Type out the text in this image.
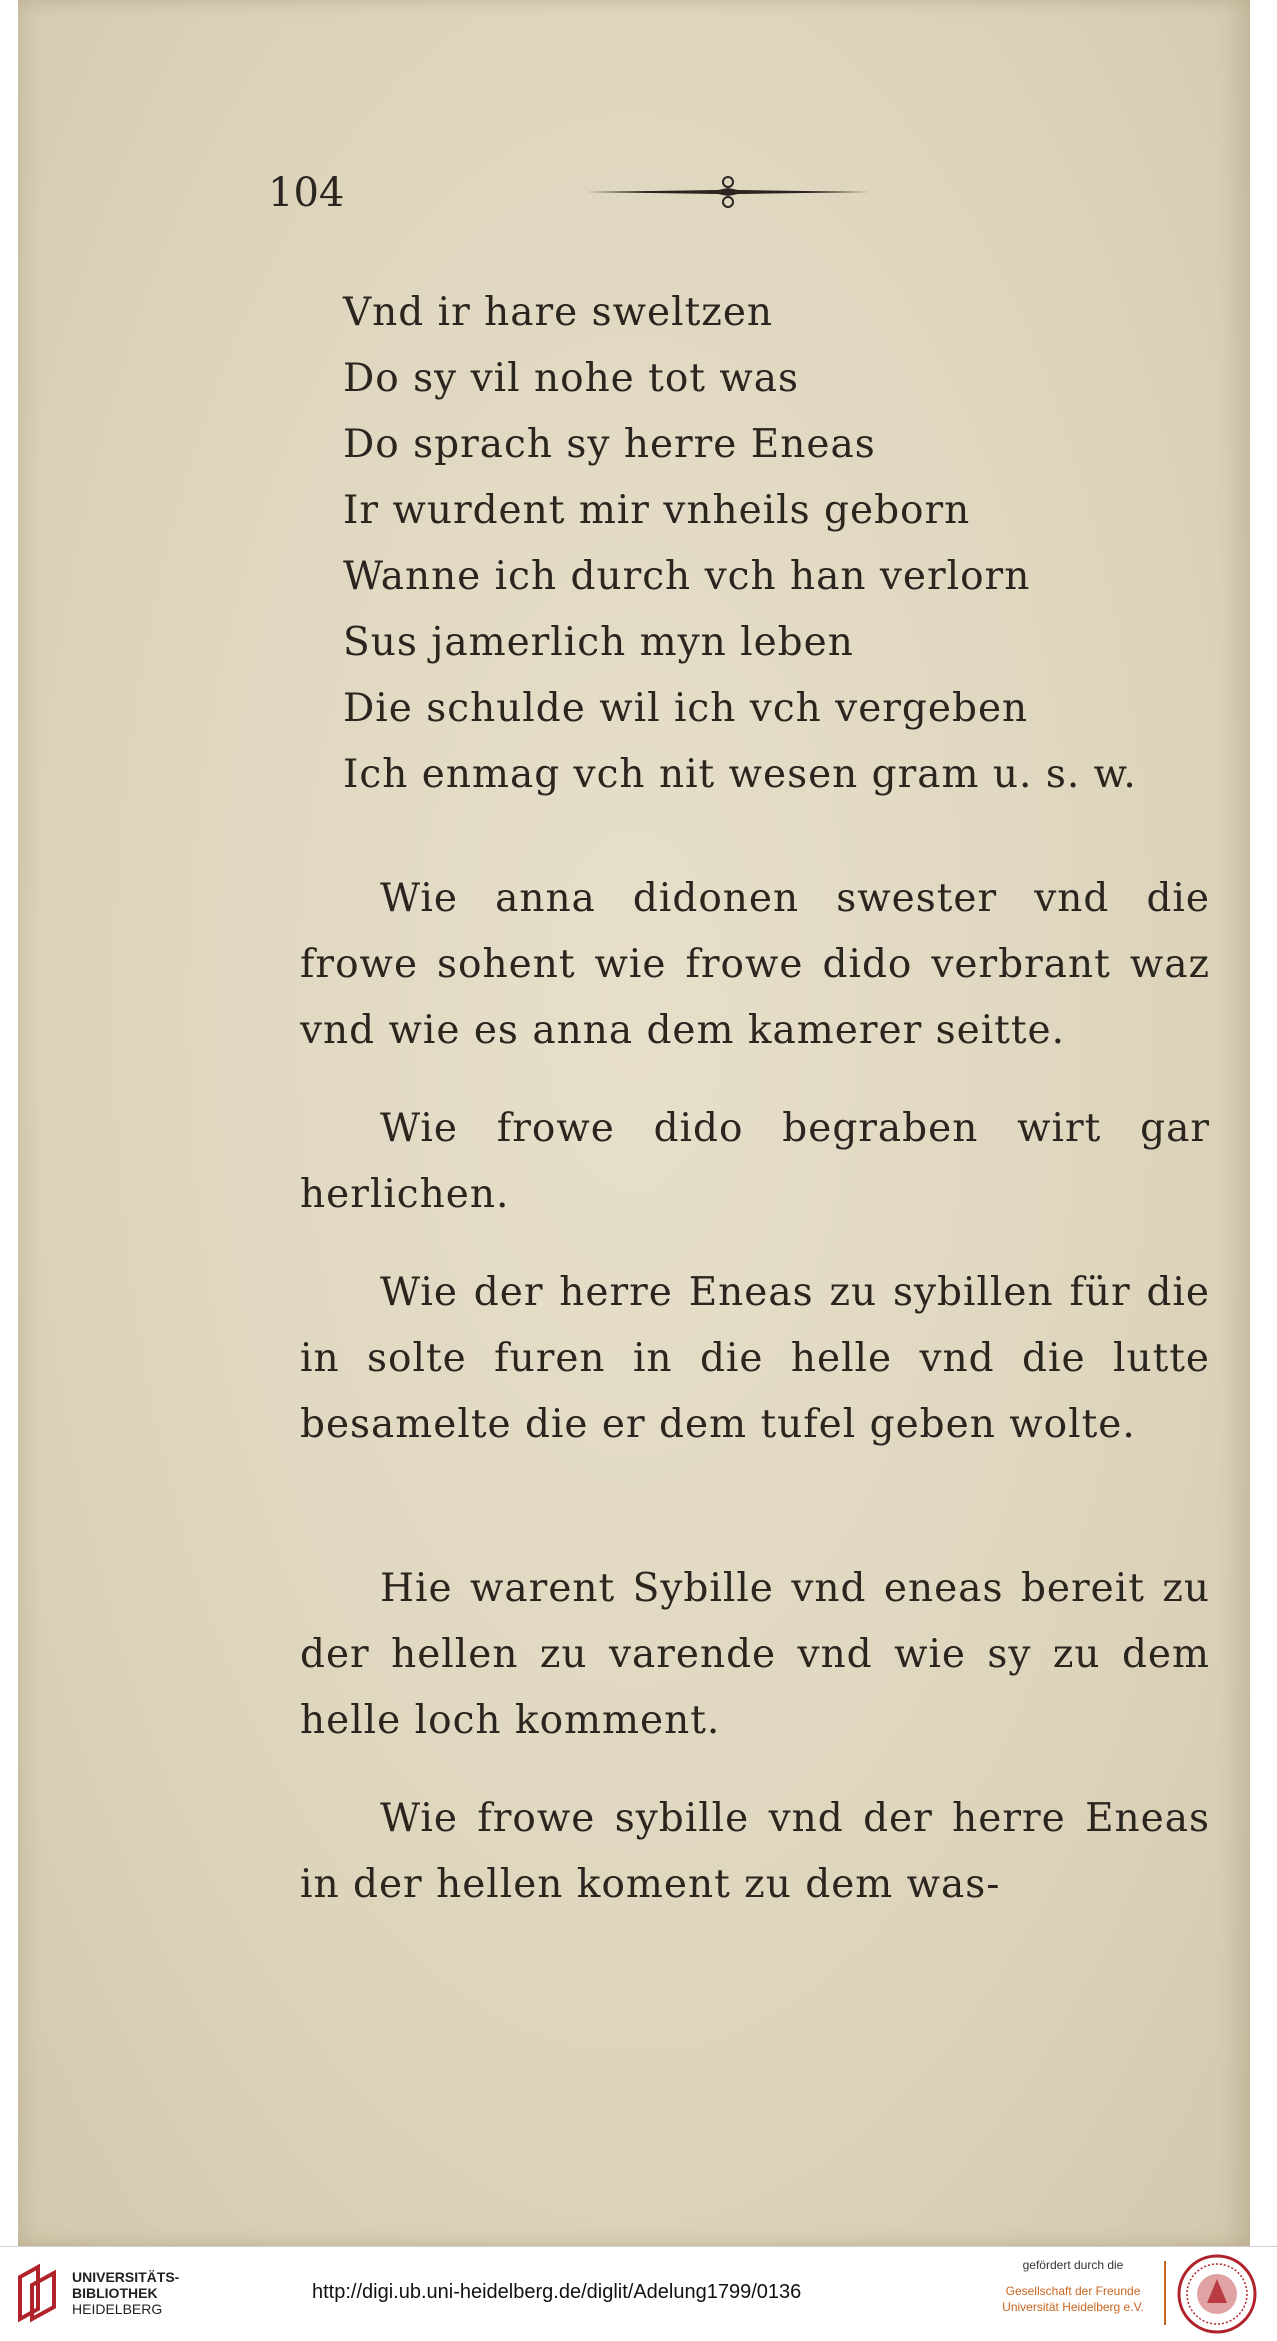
104
Vnd ir hare sweltzen
Do sy vil nohe tot was
Do sprach sy herre Eneas
Ir wurdent mir vnheils geborn
Wanne ich durch vch han verlorn
Sus jamerlich myn leben
Die schulde wil ich vch vergeben
Ich enmag vch nit wesen gram u. s. w.

Wie anna didonen swester vnd die frowe sohent wie frowe dido verbrant waz vnd wie es anna dem kamerer seitte.

Wie frowe dido begraben wirt gar herlichen.

Wie der herre Eneas zu sybillen für die in solte furen in die helle vnd die lutte besamelte die er dem tufel geben wolte.

Hie warent Sybille vnd eneas bereit zu der hellen zu varende vnd wie sy zu dem helle loch komment.

Wie frowe sybille vnd der herre Eneas in der hellen koment zu dem was-

UNIVERSITÄTS-
BIBLIOTHEK
HEIDELBERG
http://digi.ub.uni-heidelberg.de/diglit/Adelung1799/0136
gefördert durch die
Gesellschaft der Freunde
Universität Heidelberg e.V.
